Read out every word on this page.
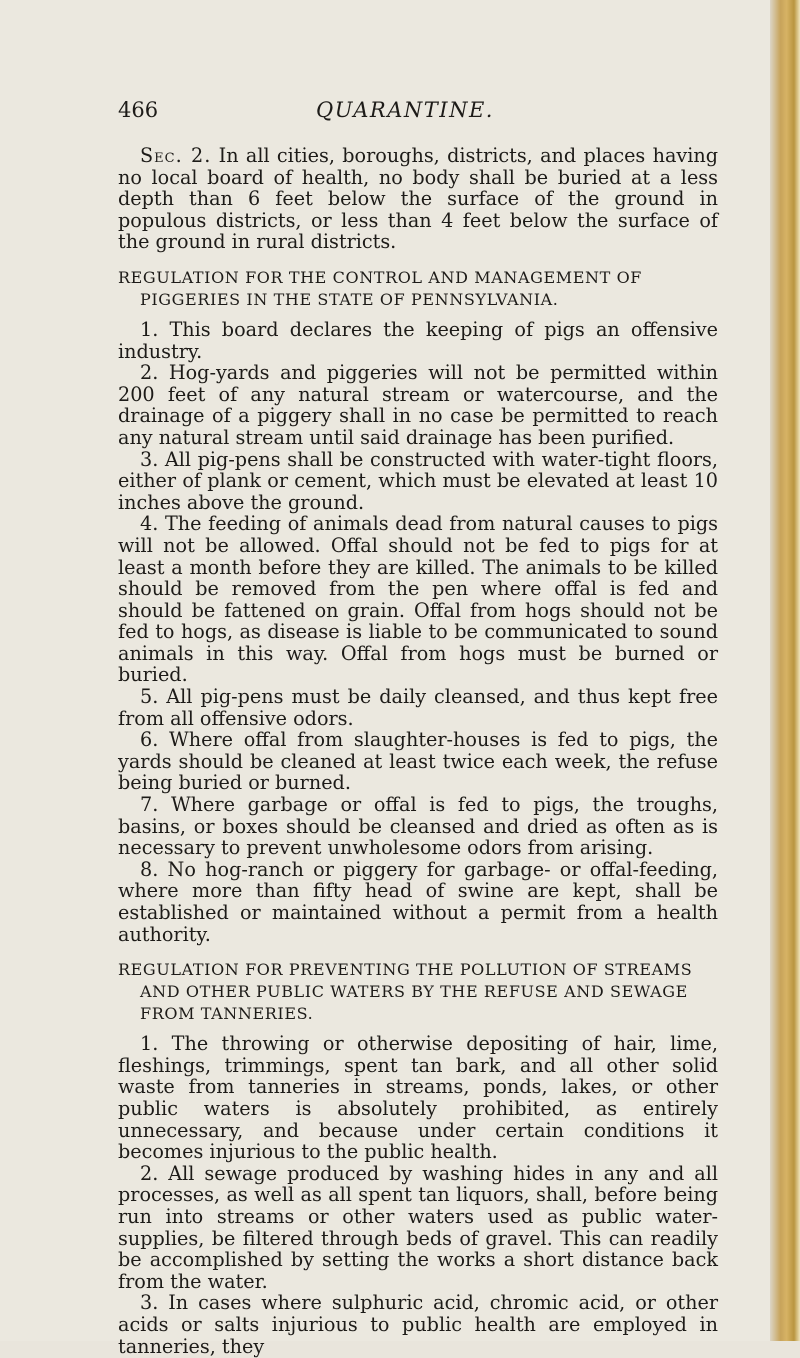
466	QUARANTINE.

Sec. 2. In all cities, boroughs, districts, and places having no local board of health, no body shall be buried at a less depth than 6 feet below the surface of the ground in populous districts, or less than 4 feet below the surface of the ground in rural districts.

REGULATION FOR THE CONTROL AND MANAGEMENT OF PIGGERIES IN THE STATE OF PENNSYLVANIA.

1. This board declares the keeping of pigs an offensive industry.

2. Hog-yards and piggeries will not be permitted within 200 feet of any natural stream or watercourse, and the drainage of a piggery shall in no case be permitted to reach any natural stream until said drainage has been purified.

3. All pig-pens shall be constructed with water-tight floors, either of plank or cement, which must be elevated at least 10 inches above the ground.

4. The feeding of animals dead from natural causes to pigs will not be allowed. Offal should not be fed to pigs for at least a month before they are killed. The animals to be killed should be removed from the pen where offal is fed and should be fattened on grain. Offal from hogs should not be fed to hogs, as disease is liable to be communicated to sound animals in this way. Offal from hogs must be burned or buried.

5. All pig-pens must be daily cleansed, and thus kept free from all offensive odors.

6. Where offal from slaughter-houses is fed to pigs, the yards should be cleaned at least twice each week, the refuse being buried or burned.

7. Where garbage or offal is fed to pigs, the troughs, basins, or boxes should be cleansed and dried as often as is necessary to prevent unwholesome odors from arising.

8. No hog-ranch or piggery for garbage- or offal-feeding, where more than fifty head of swine are kept, shall be established or maintained without a permit from a health authority.

REGULATION FOR PREVENTING THE POLLUTION OF STREAMS AND OTHER PUBLIC WATERS BY THE REFUSE AND SEWAGE FROM TANNERIES.

1. The throwing or otherwise depositing of hair, lime, fleshings, trimmings, spent tan bark, and all other solid waste from tanneries in streams, ponds, lakes, or other public waters is absolutely prohibited, as entirely unnecessary, and because under certain conditions it becomes injurious to the public health.

2. All sewage produced by washing hides in any and all processes, as well as all spent tan liquors, shall, before being run into streams or other waters used as public water-supplies, be filtered through beds of gravel. This can readily be accomplished by setting the works a short distance back from the water.

3. In cases where sulphuric acid, chromic acid, or other acids or salts injurious to public health are employed in tanneries, they
